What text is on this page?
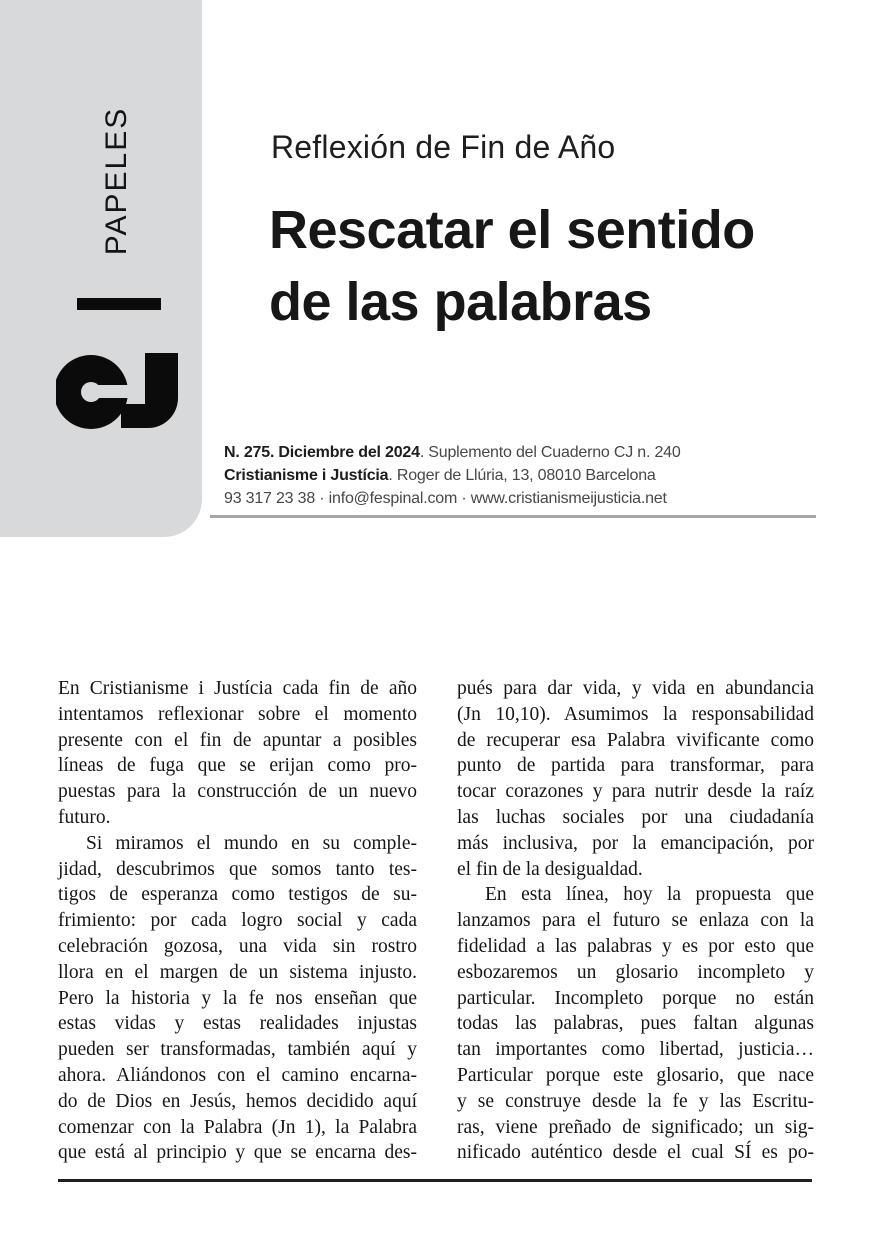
PAPELES	Reflexión de Fin de Año
Rescatar el sentido
de las palabras
N. 275. Diciembre del 2024. Suplemento del Cuaderno CJ n. 240
Cristianisme i Justícia. Roger de Llúria, 13, 08010 Barcelona
93 317 23 38 · info@fespinal.com · www.cristianismeijusticia.net
En Cristianisme i Justícia cada fin de año
intentamos reflexionar sobre el momento
presente con el fin de apuntar a posibles
líneas de fuga que se erijan como pro-
puestas para la construcción de un nuevo
futuro.
Si miramos el mundo en su comple-
jidad, descubrimos que somos tanto tes-
tigos de esperanza como testigos de su-
frimiento: por cada logro social y cada
celebración gozosa, una vida sin rostro
llora en el margen de un sistema injusto.
Pero la historia y la fe nos enseñan que
estas vidas y estas realidades injustas
pueden ser transformadas, también aquí y
ahora. Aliándonos con el camino encarna-
do de Dios en Jesús, hemos decidido aquí
comenzar con la Palabra (Jn 1), la Palabra
que está al principio y que se encarna des-
pués para dar vida, y vida en abundancia
(Jn 10,10). Asumimos la responsabilidad
de recuperar esa Palabra vivificante como
punto de partida para transformar, para
tocar corazones y para nutrir desde la raíz
las luchas sociales por una ciudadanía
más inclusiva, por la emancipación, por
el fin de la desigualdad.
En esta línea, hoy la propuesta que
lanzamos para el futuro se enlaza con la
fidelidad a las palabras y es por esto que
esbozaremos un glosario incompleto y
particular. Incompleto porque no están
todas las palabras, pues faltan algunas
tan importantes como libertad, justicia…
Particular porque este glosario, que nace
y se construye desde la fe y las Escritu-
ras, viene preñado de significado; un sig-
nificado auténtico desde el cual SÍ es po-
